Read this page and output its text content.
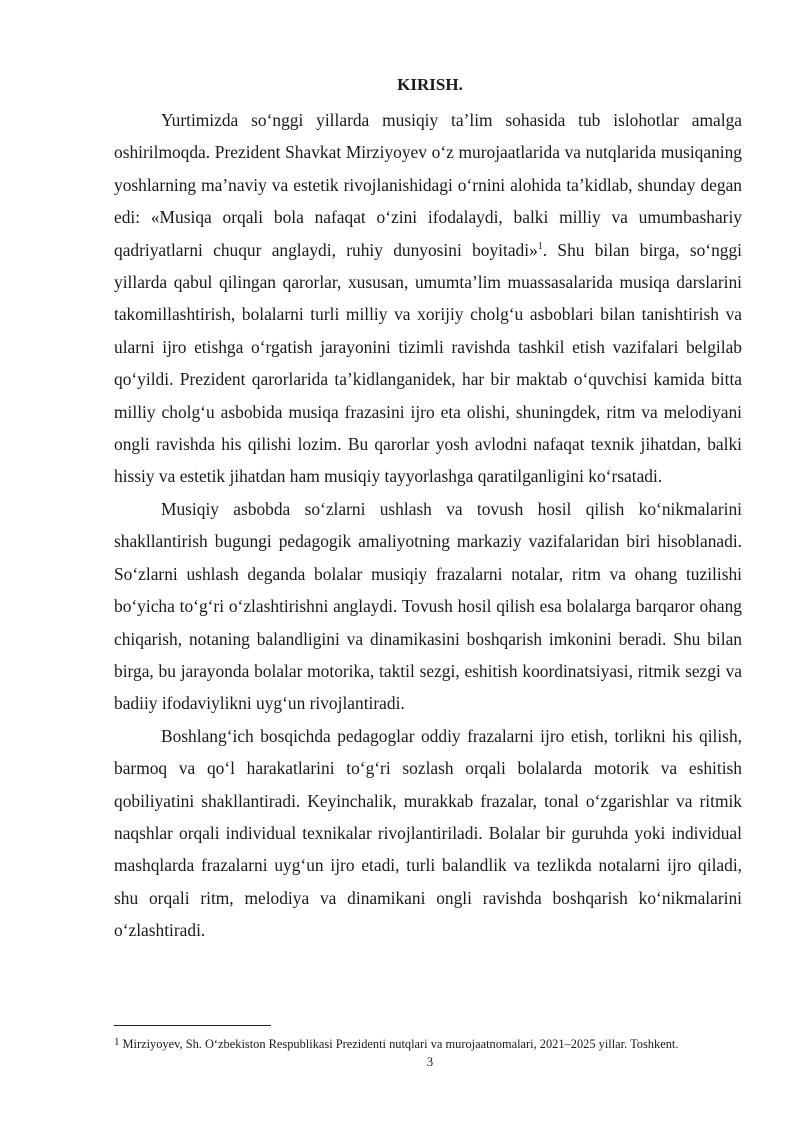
KIRISH.

Yurtimizda so‘nggi yillarda musiqiy ta’lim sohasida tub islohotlar amalga oshirilmoqda. Prezident Shavkat Mirziyoyev o‘z murojaatlarida va nutqlarida musiqaning yoshlarning ma’naviy va estetik rivojlanishidagi o‘rnini alohida ta’kidlab, shunday degan edi: «Musiqa orqali bola nafaqat o‘zini ifodalaydi, balki milliy va umumbashariy qadriyatlarni chuqur anglaydi, ruhiy dunyosini boyitadi»$^1$. Shu bilan birga, so‘nggi yillarda qabul qilingan qarorlar, xususan, umumta’lim muassasalarida musiqa darslarini takomillashtirish, bolalarni turli milliy va xorijiy cholg‘u asboblari bilan tanishtirish va ularni ijro etishga o‘rgatish jarayonini tizimli ravishda tashkil etish vazifalari belgilab qo‘yildi. Prezident qarorlarida ta’kidlanganidek, har bir maktab o‘quvchisi kamida bitta milliy cholg‘u asbobida musiqa frazasini ijro eta olishi, shuningdek, ritm va melodiyani ongli ravishda his qilishi lozim. Bu qarorlar yosh avlodni nafaqat texnik jihatdan, balki hissiy va estetik jihatdan ham musiqiy tayyorlashga qaratilganligini ko‘rsatadi.

Musiqiy asbobda so‘zlarni ushlash va tovush hosil qilish ko‘nikmalarini shakllantirish bugungi pedagogik amaliyotning markaziy vazifalaridan biri hisoblanadi. So‘zlarni ushlash deganda bolalar musiqiy frazalarni notalar, ritm va ohang tuzilishi bo‘yicha to‘g‘ri o‘zlashtirishni anglaydi. Tovush hosil qilish esa bolalarga barqaror ohang chiqarish, notaning balandligini va dinamikasini boshqarish imkonini beradi. Shu bilan birga, bu jarayonda bolalar motorika, taktil sezgi, eshitish koordinatsiyasi, ritmik sezgi va badiiy ifodaviylikni uyg‘un rivojlantiradi.

Boshlang‘ich bosqichda pedagoglar oddiy frazalarni ijro etish, torlikni his qilish, barmoq va qo‘l harakatlarini to‘g‘ri sozlash orqali bolalarda motorik va eshitish qobiliyatini shakllantiradi. Keyinchalik, murakkab frazalar, tonal o‘zgarishlar va ritmik naqshlar orqali individual texnikalar rivojlantiriladi. Bolalar bir guruhda yoki individual mashqlarda frazalarni uyg‘un ijro etadi, turli balandlik va tezlikda notalarni ijro qiladi, shu orqali ritm, melodiya va dinamikani ongli ravishda boshqarish ko‘nikmalarini o‘zlashtiradi.

1 Mirziyoyev, Sh. O‘zbekiston Respublikasi Prezidenti nutqlari va murojaatnomalari, 2021–2025 yillar. Toshkent.
3
